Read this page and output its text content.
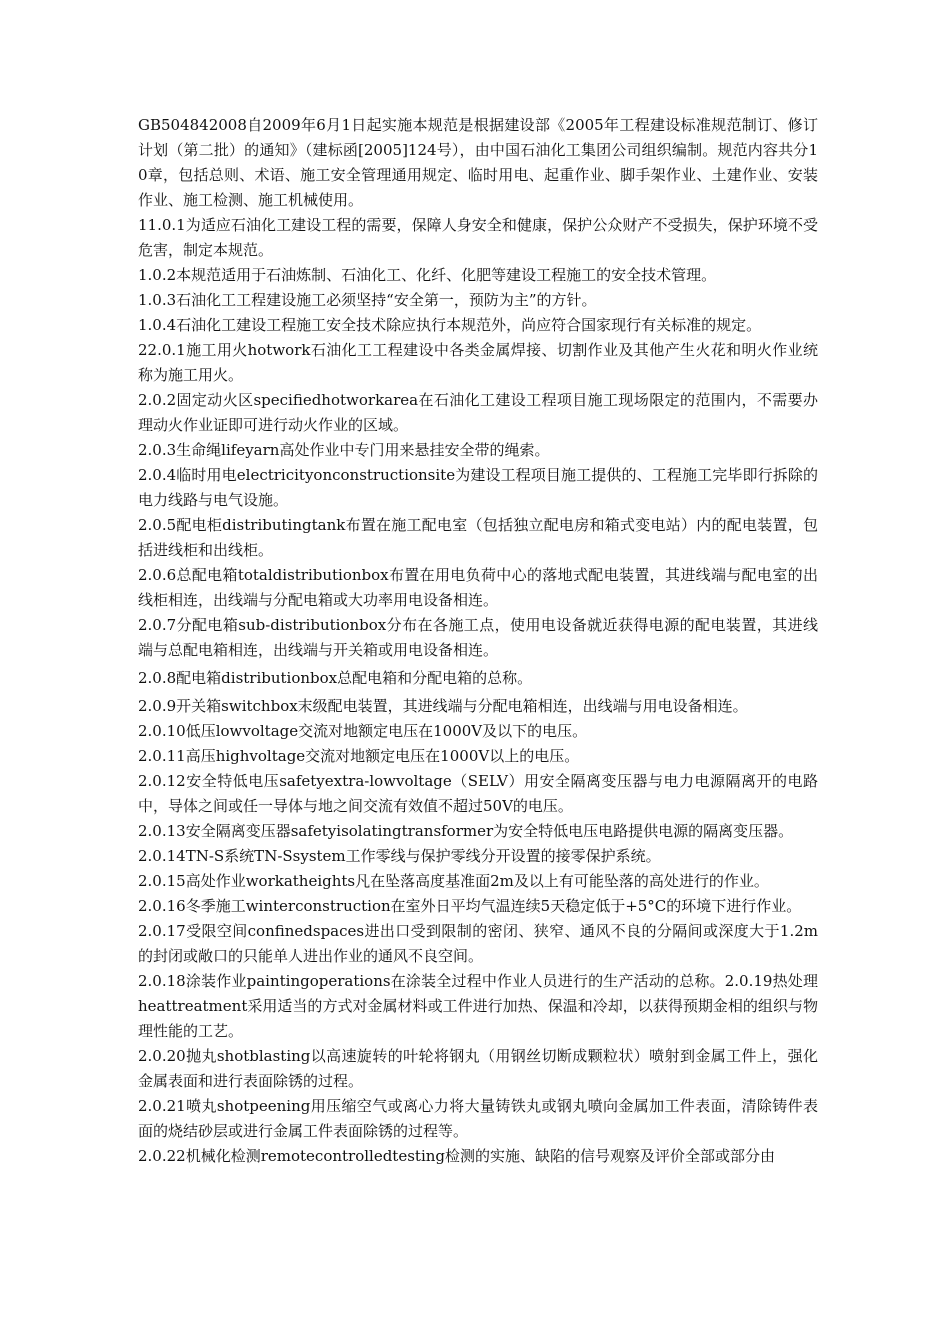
GB504842008自2009年6月1日起实施本规范是根据建设部《2005年工程建设标准规范制订、修订计划（第二批）的通知》（建标函[2005]124号），由中国石油化工集团公司组织编制。规范内容共分10章，包括总则、术语、施工安全管理通用规定、临时用电、起重作业、脚手架作业、土建作业、安装作业、施工检测、施工机械使用。

11.0.1为适应石油化工建设工程的需要，保障人身安全和健康，保护公众财产不受损失，保护环境不受危害，制定本规范。

1.0.2本规范适用于石油炼制、石油化工、化纤、化肥等建设工程施工的安全技术管理。

1.0.3石油化工工程建设施工必须坚持“安全第一，预防为主”的方针。

1.0.4石油化工建设工程施工安全技术除应执行本规范外，尚应符合国家现行有关标准的规定。

22.0.1施工用火hotwork石油化工工程建设中各类金属焊接、切割作业及其他产生火花和明火作业统称为施工用火。

2.0.2固定动火区specifiedhotworkarea在石油化工建设工程项目施工现场限定的范围内，不需要办理动火作业证即可进行动火作业的区域。

2.0.3生命绳lifeyarn高处作业中专门用来悬挂安全带的绳索。

2.0.4临时用电electricityonconstructionsite为建设工程项目施工提供的、工程施工完毕即行拆除的电力线路与电气设施。

2.0.5配电柜distributingtank布置在施工配电室（包括独立配电房和箱式变电站）内的配电装置，包括进线柜和出线柜。

2.0.6总配电箱totaldistributionbox布置在用电负荷中心的落地式配电装置，其进线端与配电室的出线柜相连，出线端与分配电箱或大功率用电设备相连。

2.0.7分配电箱sub-distributionbox分布在各施工点，使用电设备就近获得电源的配电装置，其进线端与总配电箱相连，出线端与开关箱或用电设备相连。

2.0.8配电箱distributionbox总配电箱和分配电箱的总称。

2.0.9开关箱switchbox末级配电装置，其进线端与分配电箱相连，出线端与用电设备相连。

2.0.10低压lowvoltage交流对地额定电压在1000V及以下的电压。

2.0.11高压highvoltage交流对地额定电压在1000V以上的电压。

2.0.12安全特低电压safetyextra-lowvoltage（SELV）用安全隔离变压器与电力电源隔离开的电路中，导体之间或任一导体与地之间交流有效值不超过50V的电压。

2.0.13安全隔离变压器safetyisolatingtransformer为安全特低电压电路提供电源的隔离变压器。

2.0.14TN-S系统TN-Ssystem工作零线与保护零线分开设置的接零保护系统。

2.0.15高处作业workatheights凡在坠落高度基准面2m及以上有可能坠落的高处进行的作业。

2.0.16冬季施工winterconstruction在室外日平均气温连续5天稳定低于+5°C的环境下进行作业。

2.0.17受限空间confinedspaces进出口受到限制的密闭、狭窄、通风不良的分隔间或深度大于1.2m的封闭或敞口的只能单人进出作业的通风不良空间。

2.0.18涂装作业paintingoperations在涂装全过程中作业人员进行的生产活动的总称。2.0.19热处理heattreatment采用适当的方式对金属材料或工件进行加热、保温和冷却，以获得预期金相的组织与物理性能的工艺。

2.0.20抛丸shotblasting以高速旋转的叶轮将钢丸（用钢丝切断成颗粒状）喷射到金属工件上，强化金属表面和进行表面除锈的过程。

2.0.21喷丸shotpeening用压缩空气或离心力将大量铸铁丸或钢丸喷向金属加工件表面，清除铸件表面的烧结砂层或进行金属工件表面除锈的过程等。

2.0.22机械化检测remotecontrolledtesting检测的实施、缺陷的信号观察及评价全部或部分由
